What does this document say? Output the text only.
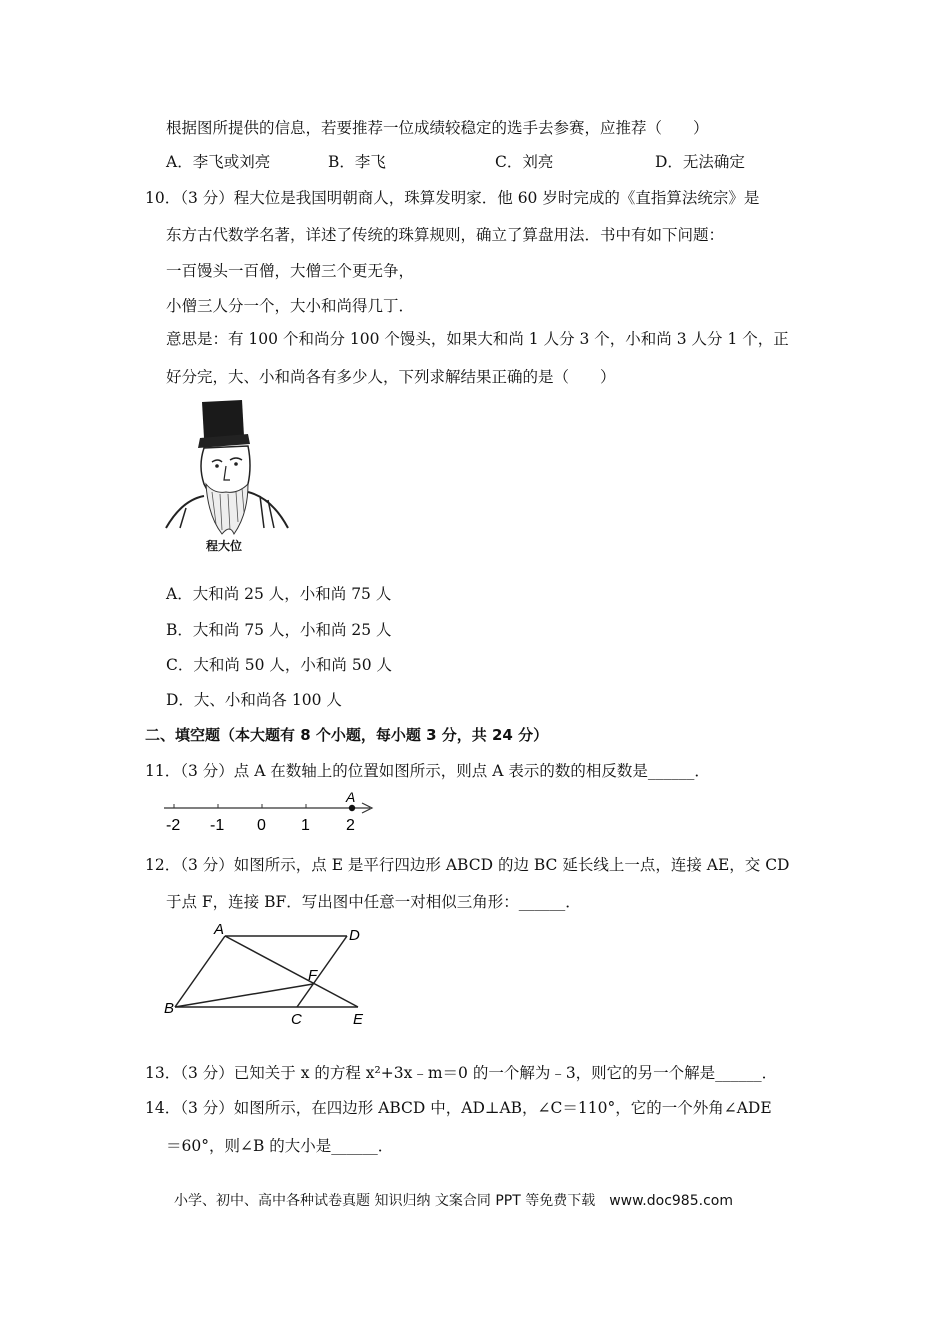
根据图所提供的信息，若要推荐一位成绩较稳定的选手去参赛，应推荐（　　）
A．李飞或刘亮	B．李飞	C．刘亮	D．无法确定
10．（3 分）程大位是我国明朝商人，珠算发明家．他 60 岁时完成的《直指算法统宗》是
东方古代数学名著，详述了传统的珠算规则，确立了算盘用法．书中有如下问题：
一百馒头一百僧，大僧三个更无争，
小僧三人分一个，大小和尚得几丁．
意思是：有 100 个和尚分 100 个馒头，如果大和尚 1 人分 3 个，小和尚 3 人分 1 个，正
好分完，大、小和尚各有多少人，下列求解结果正确的是（　　）
程大位
A．大和尚 25 人，小和尚 75 人
B．大和尚 75 人，小和尚 25 人
C．大和尚 50 人，小和尚 50 人
D．大、小和尚各 100 人
二、填空题（本大题有 8 个小题，每小题 3 分，共 24 分）
11．（3 分）点 A 在数轴上的位置如图所示，则点 A 表示的数的相反数是______．
A
-2 -1 0 1 2
12．（3 分）如图所示，点 E 是平行四边形 ABCD 的边 BC 延长线上一点，连接 AE，交 CD
于点 F，连接 BF．写出图中任意一对相似三角形：______．
A
B
C
D
E
F
13．（3 分）已知关于 x 的方程 x²+3x﹣m＝0 的一个解为﹣3，则它的另一个解是______．
14．（3 分）如图所示，在四边形 ABCD 中，AD⊥AB，∠C＝110°，它的一个外角∠ADE
＝60°，则∠B 的大小是______．
小学、初中、高中各种试卷真题 知识归纳 文案合同 PPT 等免费下载　www.doc985.com
